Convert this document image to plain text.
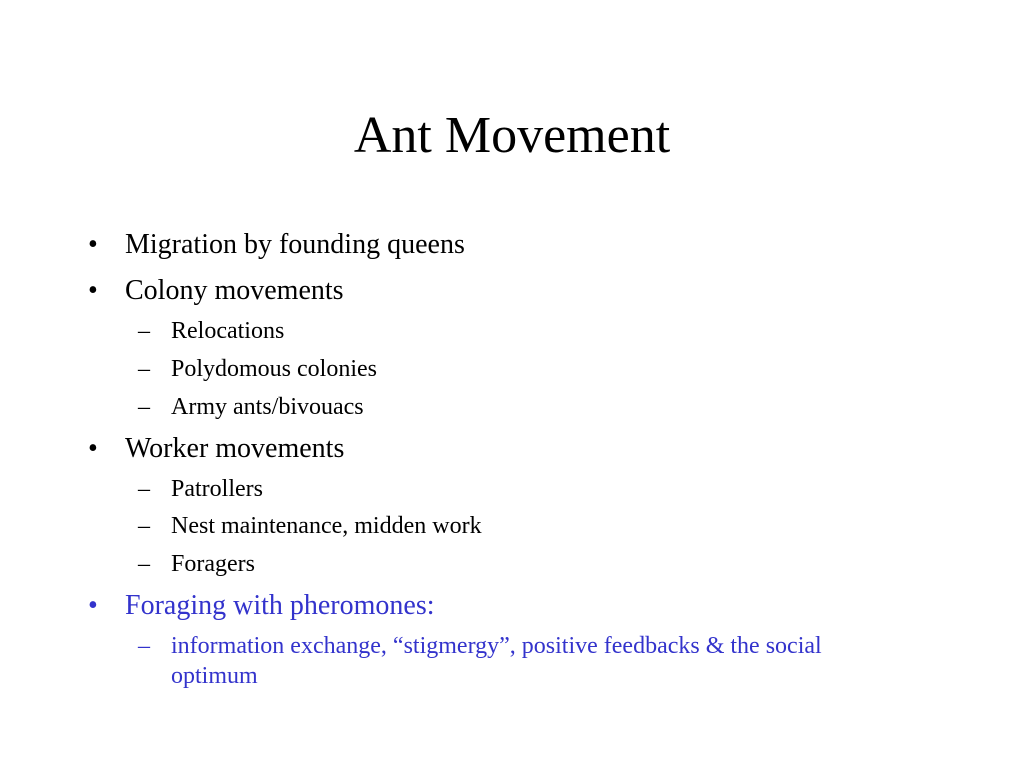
Ant Movement
• Migration by founding queens
• Colony movements
– Relocations
– Polydomous colonies
– Army ants/bivouacs
• Worker movements
– Patrollers
– Nest maintenance, midden work
– Foragers
• Foraging with pheromones:
– information exchange, “stigmergy”, positive feedbacks & the social optimum
